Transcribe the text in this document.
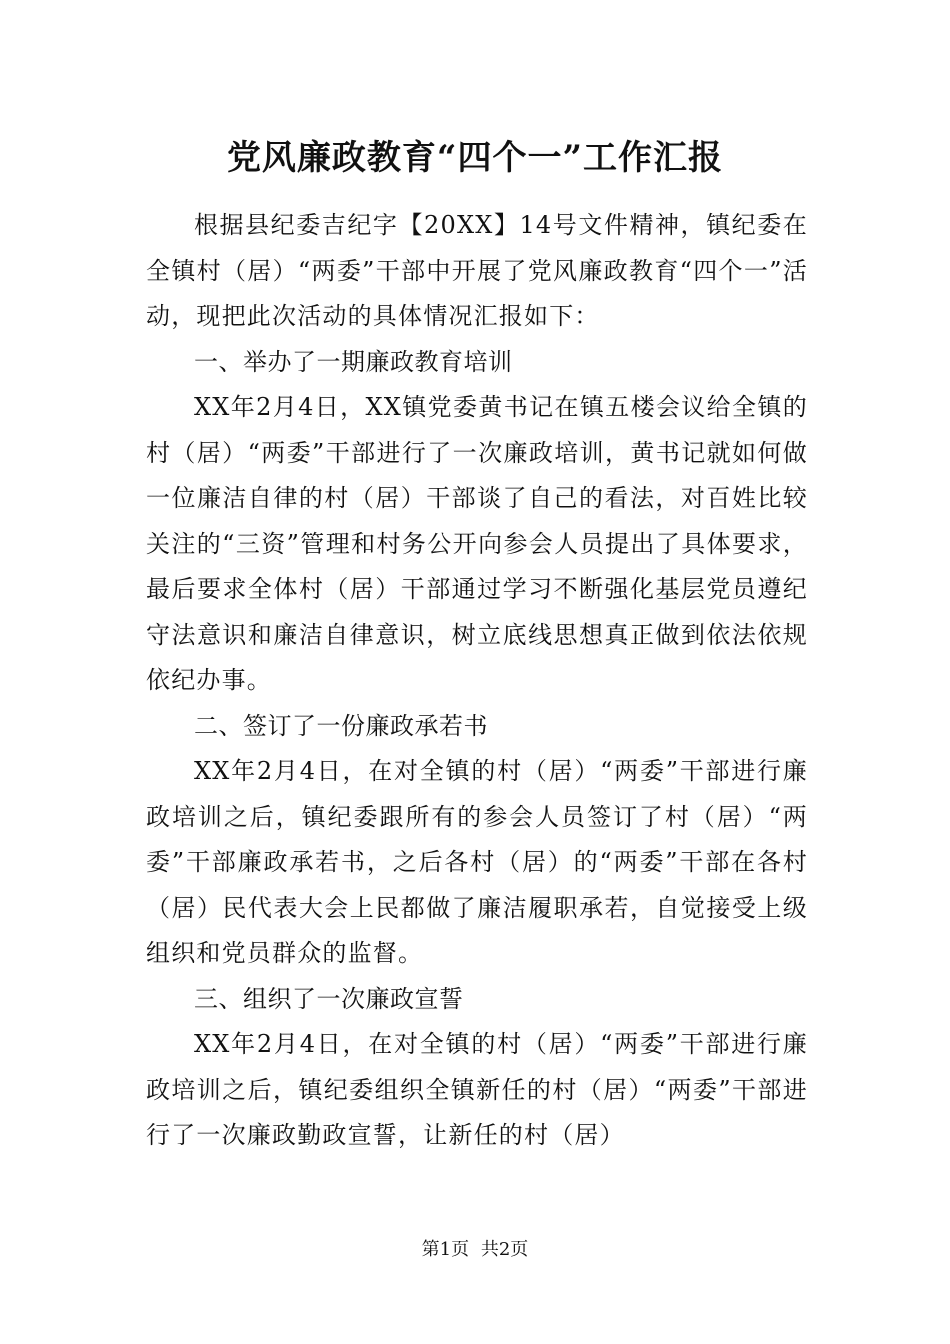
党风廉政教育“四个一”工作汇报

根据县纪委吉纪字【20XX】14号文件精神，镇纪委在全镇村（居）“两委”干部中开展了党风廉政教育“四个一”活动，现把此次活动的具体情况汇报如下：

一、举办了一期廉政教育培训

XX年2月4日，XX镇党委黄书记在镇五楼会议给全镇的村（居）“两委”干部进行了一次廉政培训，黄书记就如何做一位廉洁自律的村（居）干部谈了自己的看法，对百姓比较关注的“三资”管理和村务公开向参会人员提出了具体要求，最后要求全体村（居）干部通过学习不断强化基层党员遵纪守法意识和廉洁自律意识，树立底线思想真正做到依法依规依纪办事。

二、签订了一份廉政承若书

XX年2月4日，在对全镇的村（居）“两委”干部进行廉政培训之后，镇纪委跟所有的参会人员签订了村（居）“两委”干部廉政承若书，之后各村（居）的“两委”干部在各村（居）民代表大会上民都做了廉洁履职承若，自觉接受上级组织和党员群众的监督。

三、组织了一次廉政宣誓

XX年2月4日，在对全镇的村（居）“两委”干部进行廉政培训之后，镇纪委组织全镇新任的村（居）“两委”干部进行了一次廉政勤政宣誓，让新任的村（居）

第1页 共2页
